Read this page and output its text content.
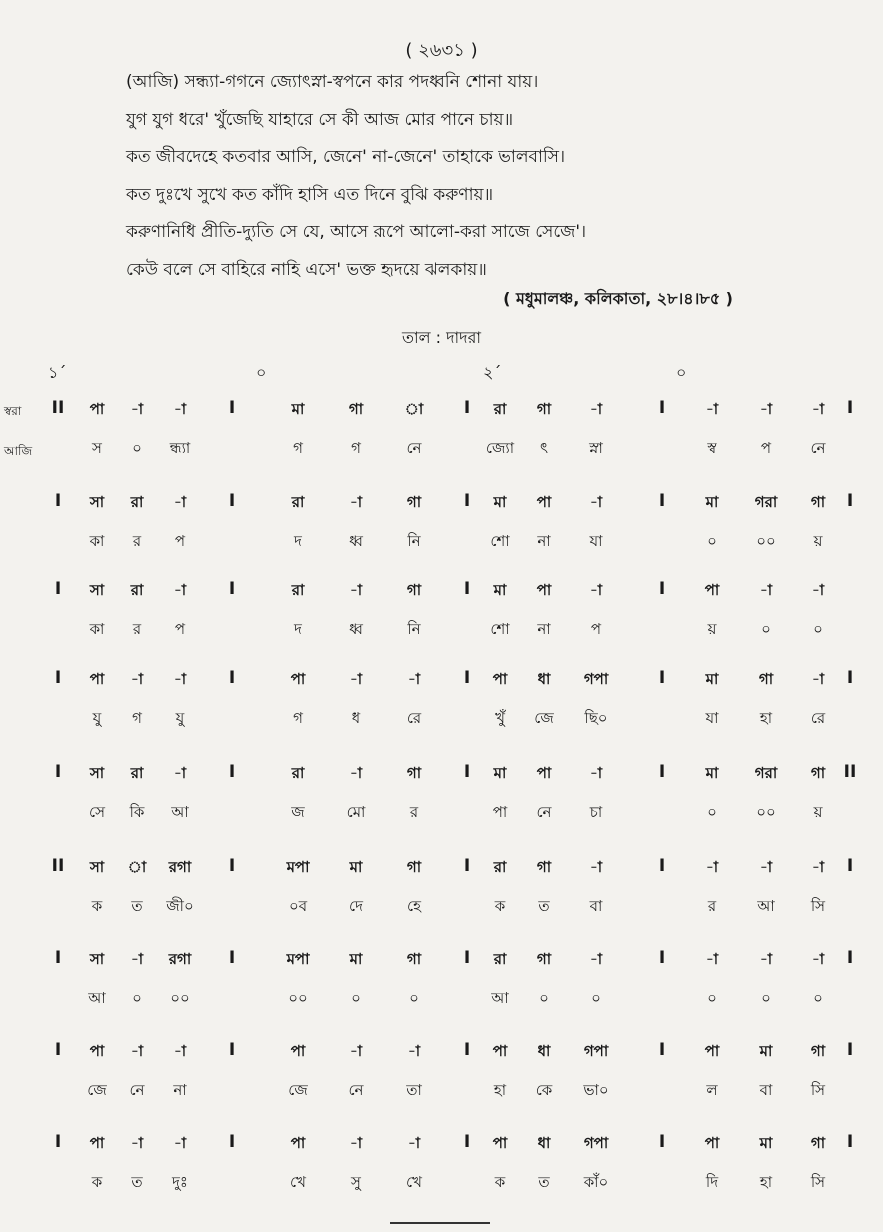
( ২৬৩১ )
(আজি) সন্ধ্যা-গগনে জ্যোৎস্না-স্বপনে কার পদধ্বনি শোনা যায়।
যুগ যুগ ধরে' খুঁজেছি যাহারে সে কী আজ মোর পানে চায়॥
কত জীবদেহে কতবার আসি, জেনে' না-জেনে' তাহাকে ভালবাসি।
কত দুঃখে সুখে কত কাঁদি হাসি এত দিনে বুঝি করুণায়॥
করুণানিধি প্রীতি-দ্যুতি সে যে, আসে রূপে আলো-করা সাজে সেজে'।
কেউ বলে সে বাহিরে নাহি এসে' ভক্ত হৃদয়ে ঝলকায়॥
( মধুমালঞ্চ, কলিকাতা, ২৮।৪।৮৫ )
তাল : দাদরা
১´	০	২´	০
স্বরা
আজি
II	I	I	I	I
পা	-া	-া	মা	গা	া	রা	গা	-া	-া	-া	-া
স	০	ন্ধ্যা	গ	গ	নে	জ্যো	ৎ	স্না	স্ব	প	নে
I	I	I	I	I
সা	রা	-া	রা	-া	গা	মা	পা	-া	মা	গরা	গা
কা	র	প	দ	ধ্ব	নি	শো	না	যা	০	০০	য়
I	I	I	I
সা	রা	-া	রা	-া	গা	মা	পা	-া	পা	-া	-া
কা	র	প	দ	ধ্ব	নি	শো	না	প	য়	০	০
I	I	I	I	I
পা	-া	-া	পা	-া	-া	পা	ধা	গপা	মা	গা	-া
যু	গ	যু	গ	ধ	রে	খুঁ	জে	ছি০	যা	হা	রে
I	I	I	I	II
সা	রা	-া	রা	-া	গা	মা	পা	-া	মা	গরা	গা
সে	কি	আ	জ	মো	র	পা	নে	চা	০	০০	য়
II	I	I	I	I
সা	া	রগা	মপা	মা	গা	রা	গা	-া	-া	-া	-া
ক	ত	জী০	০ব	দে	হে	ক	ত	বা	র	আ	সি
I	I	I	I	I
সা	-া	রগা	মপা	মা	গা	রা	গা	-া	-া	-া	-া
আ	০	০০	০০	০	০	আ	০	০	০	০	০
I	I	I	I	I
পা	-া	-া	পা	-া	-া	পা	ধা	গপা	পা	মা	গা
জে	নে	না	জে	নে	তা	হা	কে	ভা০	ল	বা	সি
I	I	I	I	I
পা	-া	-া	পা	-া	-া	পা	ধা	গপা	পা	মা	গা
ক	ত	দুঃ	খে	সু	খে	ক	ত	কাঁ০	দি	হা	সি
